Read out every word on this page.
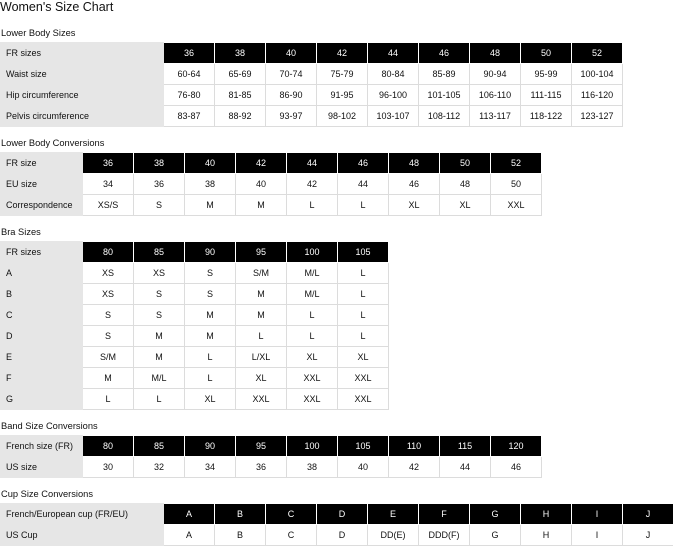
Women's Size Chart
Lower Body Sizes
FR sizes	36	38	40	42	44	46	48	50	52
Waist size	60-64	65-69	70-74	75-79	80-84	85-89	90-94	95-99	100-104
Hip circumference	76-80	81-85	86-90	91-95	96-100	101-105	106-110	111-115	116-120
Pelvis circumference	83-87	88-92	93-97	98-102	103-107	108-112	113-117	118-122	123-127
Lower Body Conversions
FR size	36	38	40	42	44	46	48	50	52
EU size	34	36	38	40	42	44	46	48	50
Correspondence	XS/S	S	M	M	L	L	XL	XL	XXL
Bra Sizes
FR sizes	80	85	90	95	100	105
A	XS	XS	S	S/M	M/L	L
B	XS	S	S	M	M/L	L
C	S	S	M	M	L	L
D	S	M	M	L	L	L
E	S/M	M	L	L/XL	XL	XL
F	M	M/L	L	XL	XXL	XXL
G	L	L	XL	XXL	XXL	XXL
Band Size Conversions
French size (FR)	80	85	90	95	100	105	110	115	120
US size	30	32	34	36	38	40	42	44	46
Cup Size Conversions
French/European cup (FR/EU)	A	B	C	D	E	F	G	H	I	J
US Cup	A	B	C	D	DD(E)	DDD(F)	G	H	I	J
